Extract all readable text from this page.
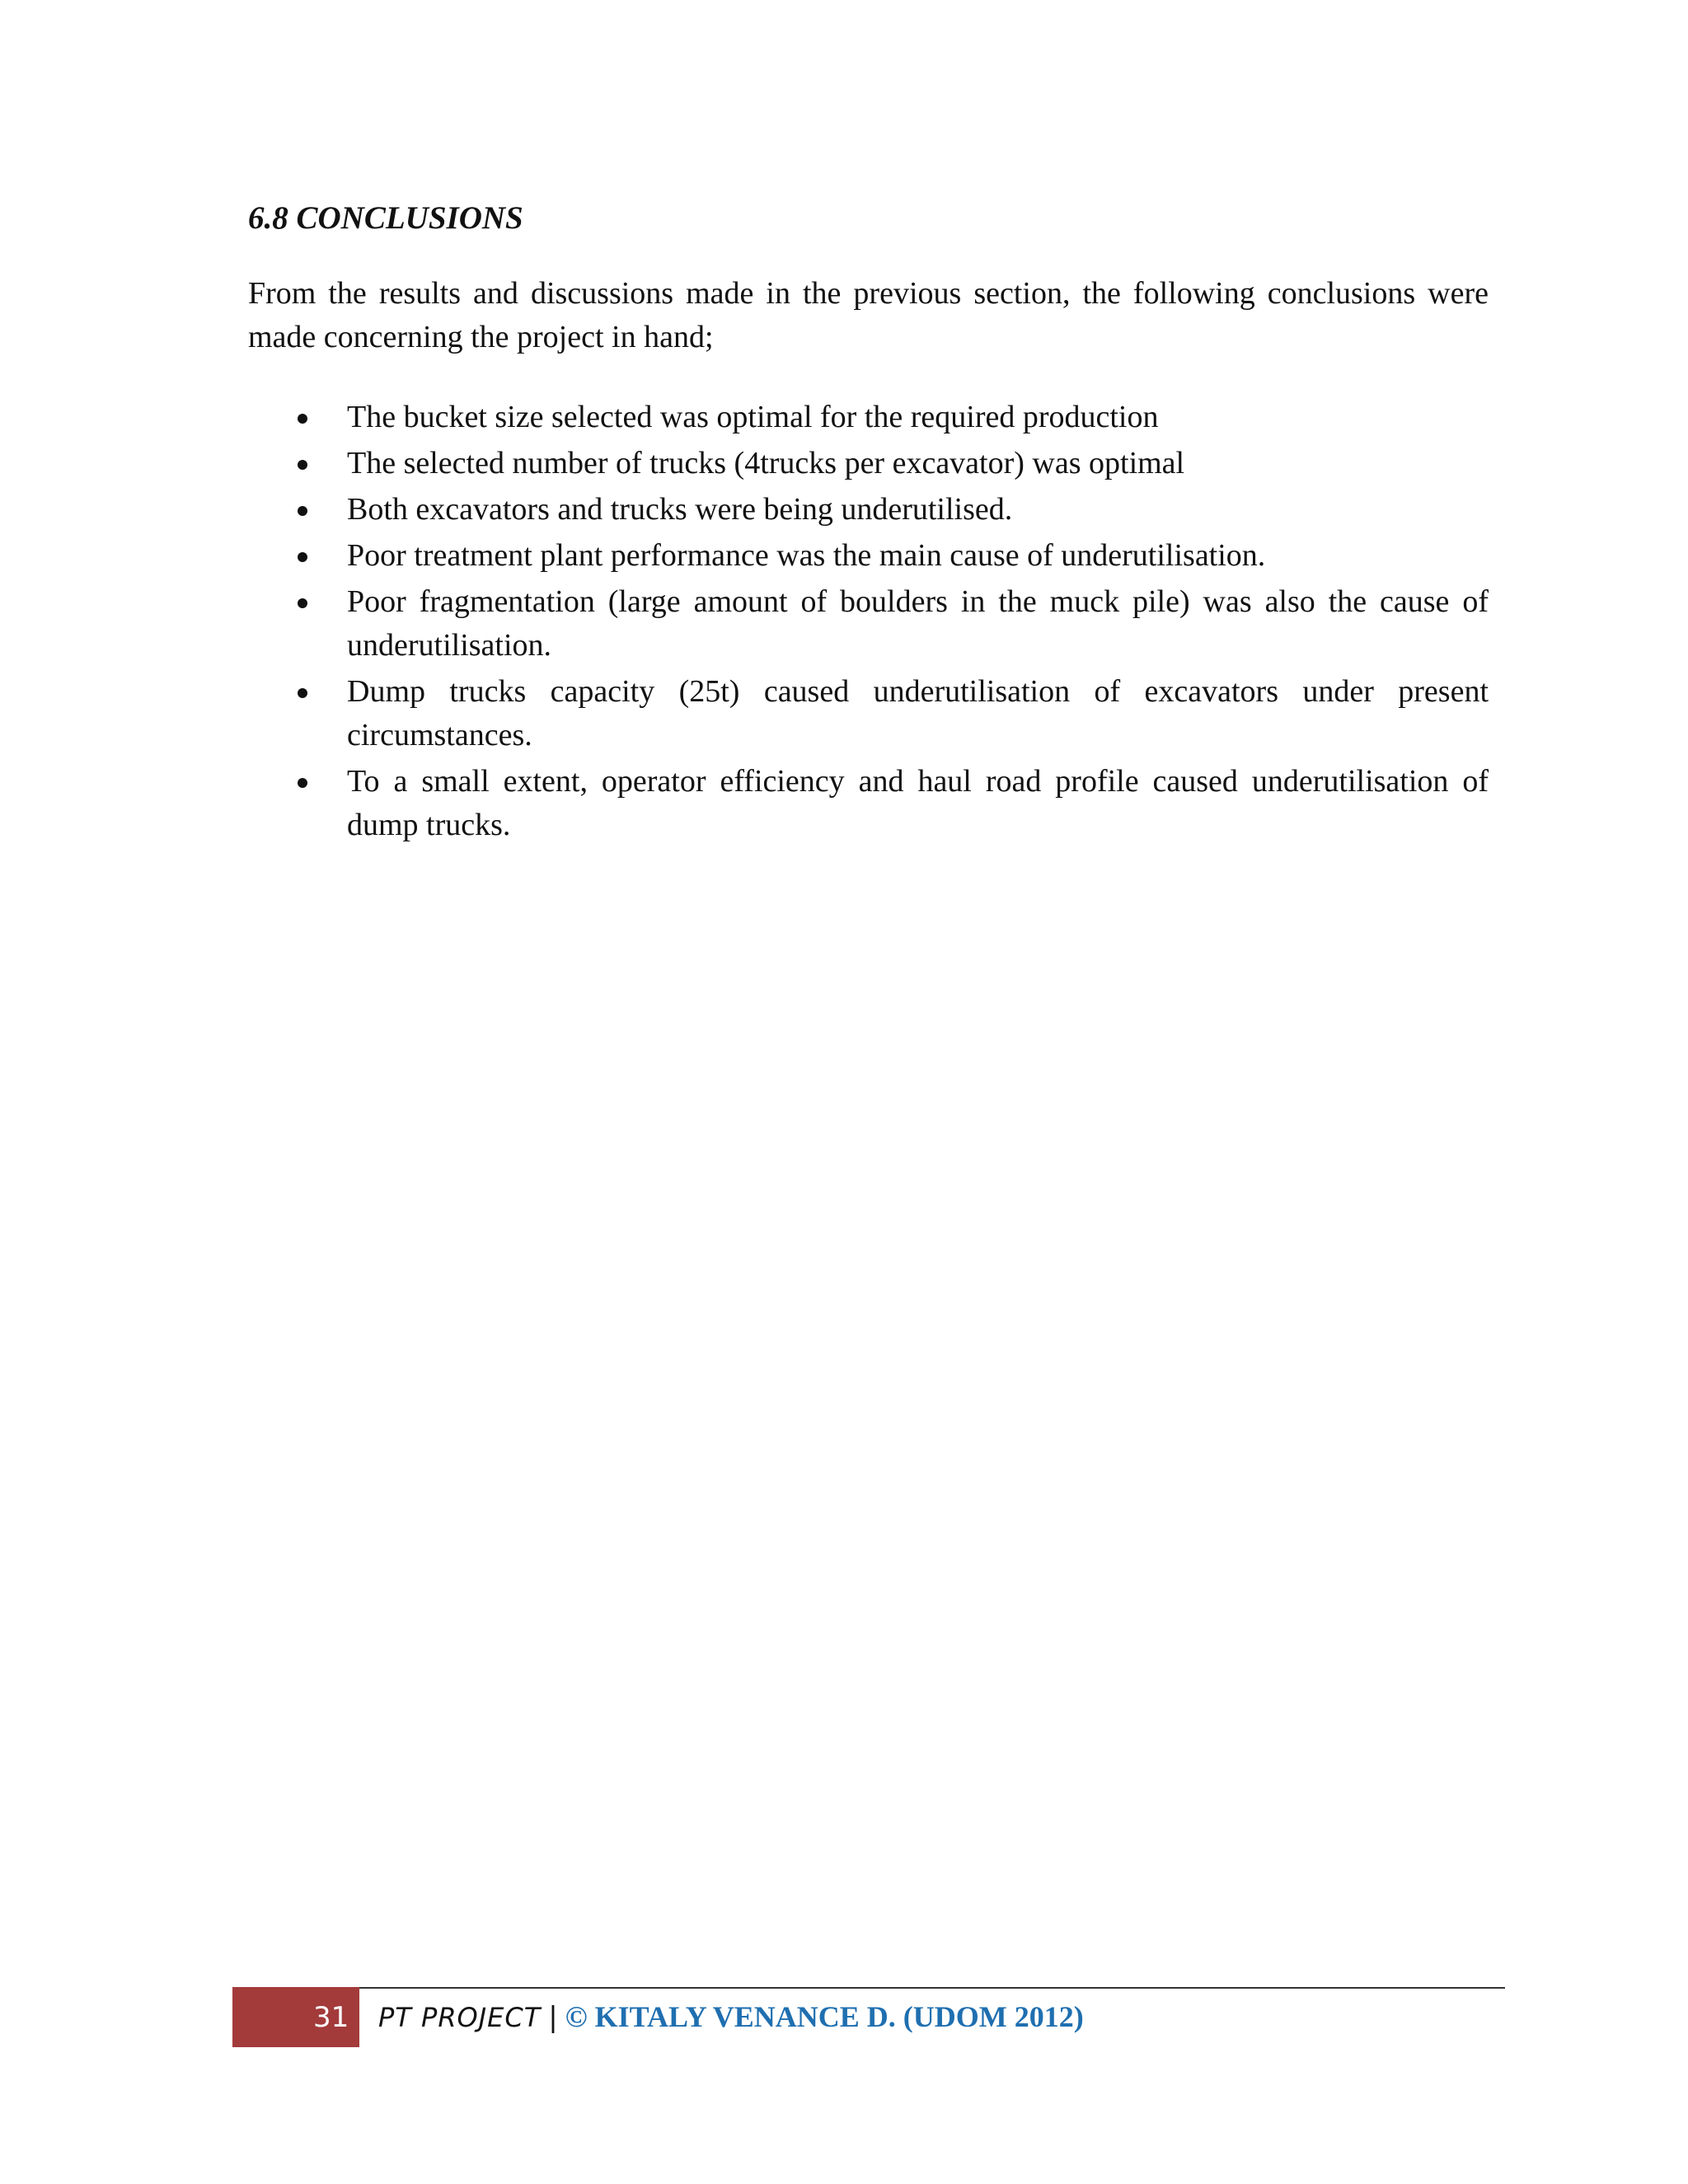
6.8 CONCLUSIONS

From the results and discussions made in the previous section, the following conclusions were made concerning the project in hand;

The bucket size selected was optimal for the required production
The selected number of trucks (4trucks per excavator) was optimal
Both excavators and trucks were being underutilised.
Poor treatment plant performance was the main cause of underutilisation.
Poor fragmentation (large amount of boulders in the muck pile) was also the cause of underutilisation.
Dump trucks capacity (25t) caused underutilisation of excavators under present circumstances.
To a small extent, operator efficiency and haul road profile caused underutilisation of dump trucks.
31 PT PROJECT | © KITALY VENANCE D. (UDOM 2012)
